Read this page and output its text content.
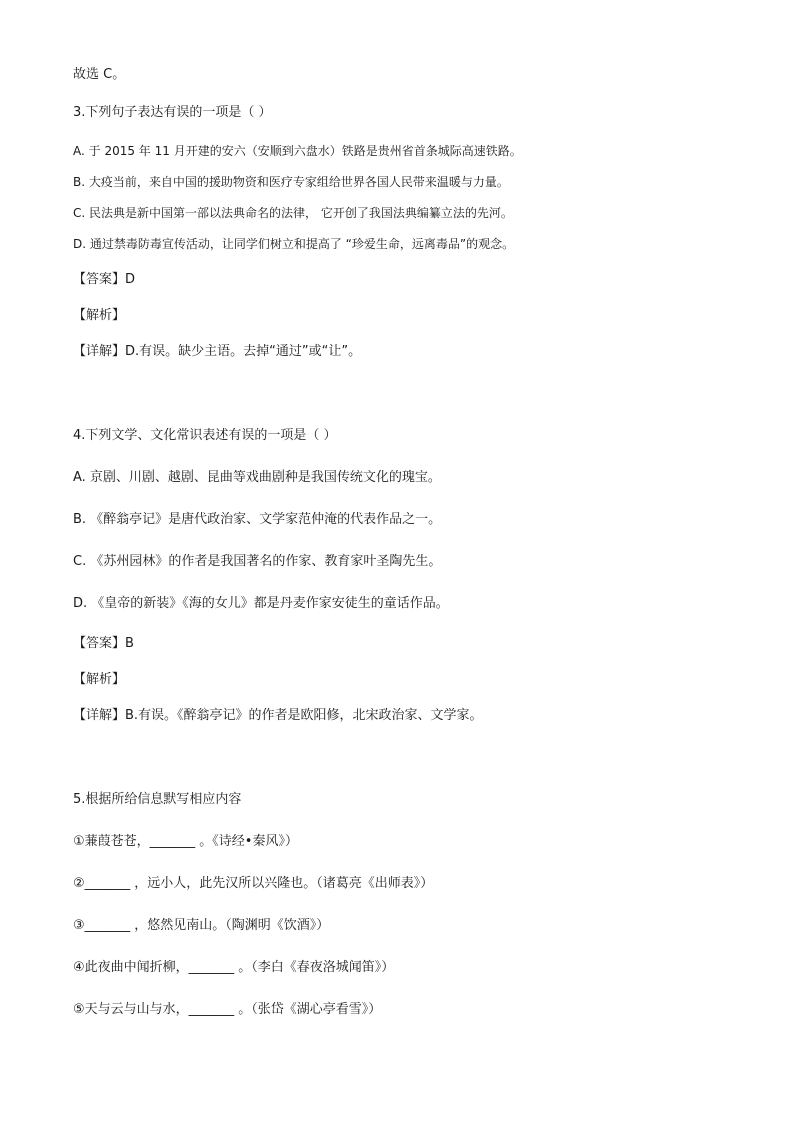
故选 C。
3.下列句子表达有误的一项是（ ）
A. 于 2015 年 11 月开建的安六（安顺到六盘水）铁路是贵州省首条城际高速铁路。
B. 大疫当前，来自中国的援助物资和医疗专家组给世界各国人民带来温暖与力量。
C. 民法典是新中国第一部以法典命名的法律， 它开创了我国法典编纂立法的先河。
D. 通过禁毒防毒宣传活动，让同学们树立和提高了 “珍爱生命，远离毒品”的观念。
【答案】D
【解析】
【详解】D.有误。缺少主语。去掉“通过”或“让”。
4.下列文学、文化常识表述有误的一项是（ ）
A. 京剧、川剧、越剧、昆曲等戏曲剧种是我国传统文化的瑰宝。
B. 《醉翁亭记》是唐代政治家、文学家范仲淹的代表作品之一。
C. 《苏州园林》的作者是我国著名的作家、教育家叶圣陶先生。
D. 《皇帝的新装》《海的女儿》都是丹麦作家安徒生的童话作品。
【答案】B
【解析】
【详解】B.有误。《醉翁亭记》的作者是欧阳修，北宋政治家、文学家。
5.根据所给信息默写相应内容
①蒹葭苍苍，_______ 。《诗经•秦风》）
②_______ ，远小人，此先汉所以兴隆也。（诸葛亮《出师表》）
③_______ ，悠然见南山。（陶渊明《饮酒》）
④此夜曲中闻折柳，_______ 。（李白《春夜洛城闻笛》）
⑤天与云与山与水，_______ 。（张岱《湖心亭看雪》）
